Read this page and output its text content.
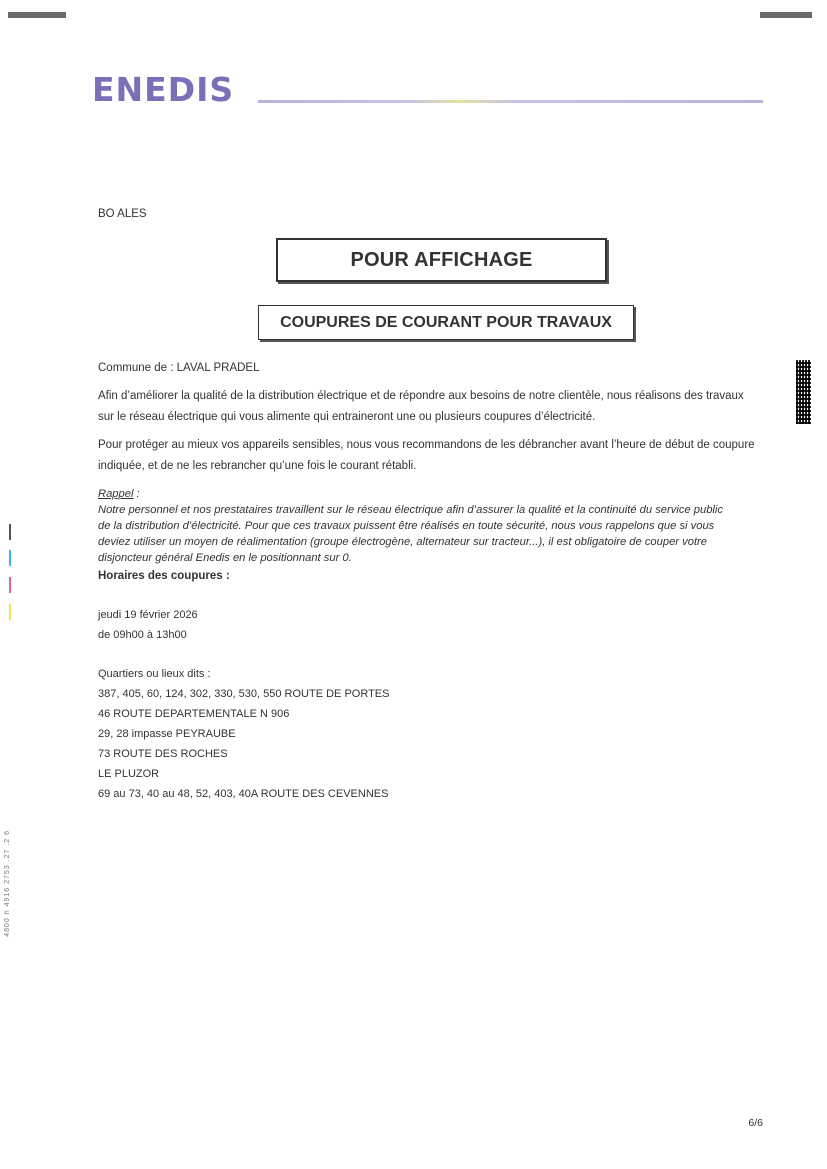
ENEDIS
BO ALES
POUR AFFICHAGE
COUPURES DE COURANT POUR TRAVAUX
Commune de : LAVAL PRADEL
Afin d’améliorer la qualité de la distribution électrique et de répondre aux besoins de notre clientèle, nous réalisons des travaux
sur le réseau électrique qui vous alimente qui entraineront une ou plusieurs coupures d’électricité.
Pour protéger au mieux vos appareils sensibles, nous vous recommandons de les débrancher avant l’heure de début de coupure
indiquée, et de ne les rebrancher qu’une fois le courant rétabli.
Rappel :
Notre personnel et nos prestataires travaillent sur le réseau électrique afin d’assurer la qualité et la continuité du service public
de la distribution d’électricité. Pour que ces travaux puissent être réalisés en toute sécurité, nous vous rappelons que si vous
deviez utiliser un moyen de réalimentation (groupe électrogène, alternateur sur tracteur...), il est obligatoire de couper votre
disjoncteur général Enedis en le positionnant sur 0.
Horaires des coupures :
jeudi 19 février 2026
de 09h00 à 13h00
Quartiers ou lieux dits :
387, 405, 60, 124, 302, 330, 530, 550 ROUTE DE PORTES
46 ROUTE DEPARTEMENTALE N 906
29, 28 impasse PEYRAUBE
73 ROUTE DES ROCHES
LE PLUZOR
69 au 73, 40 au 48, 52, 403, 40A ROUTE DES CEVENNES
4800 h 4916 2753 .27 .2 6
6/6
